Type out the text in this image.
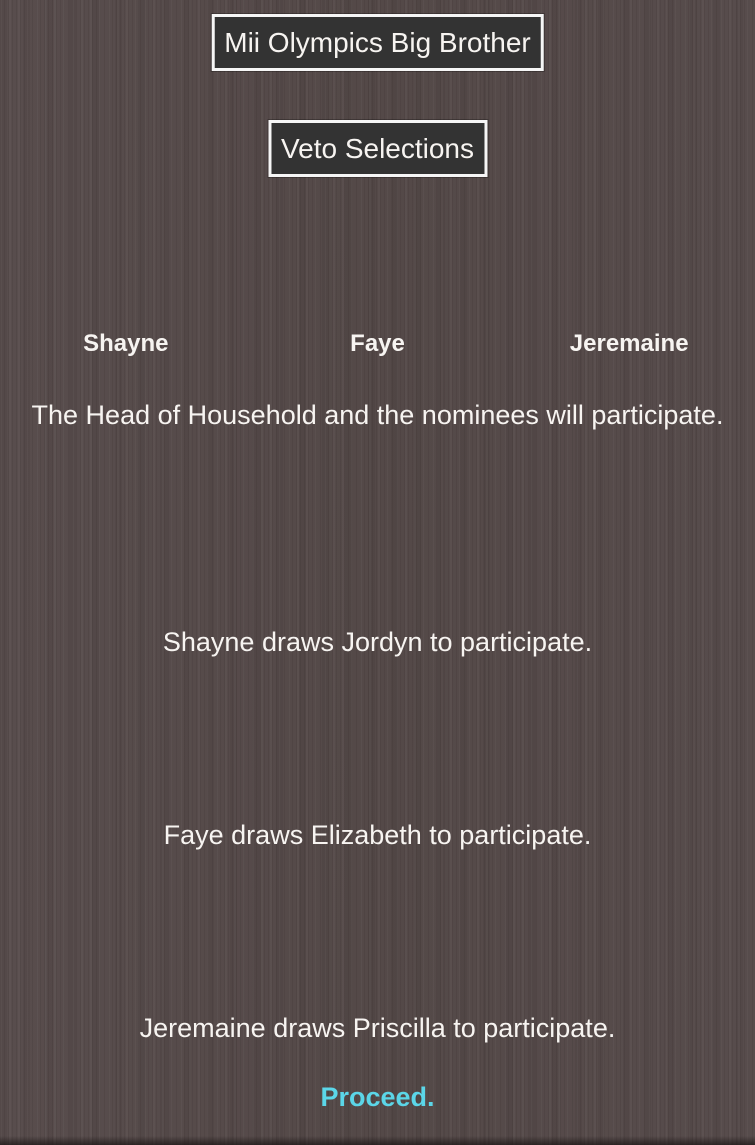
Mii Olympics Big Brother
Veto Selections
Shayne	Faye	Jeremaine
The Head of Household and the nominees will participate.
Shayne draws Jordyn to participate.
Faye draws Elizabeth to participate.
Jeremaine draws Priscilla to participate.
Proceed.
